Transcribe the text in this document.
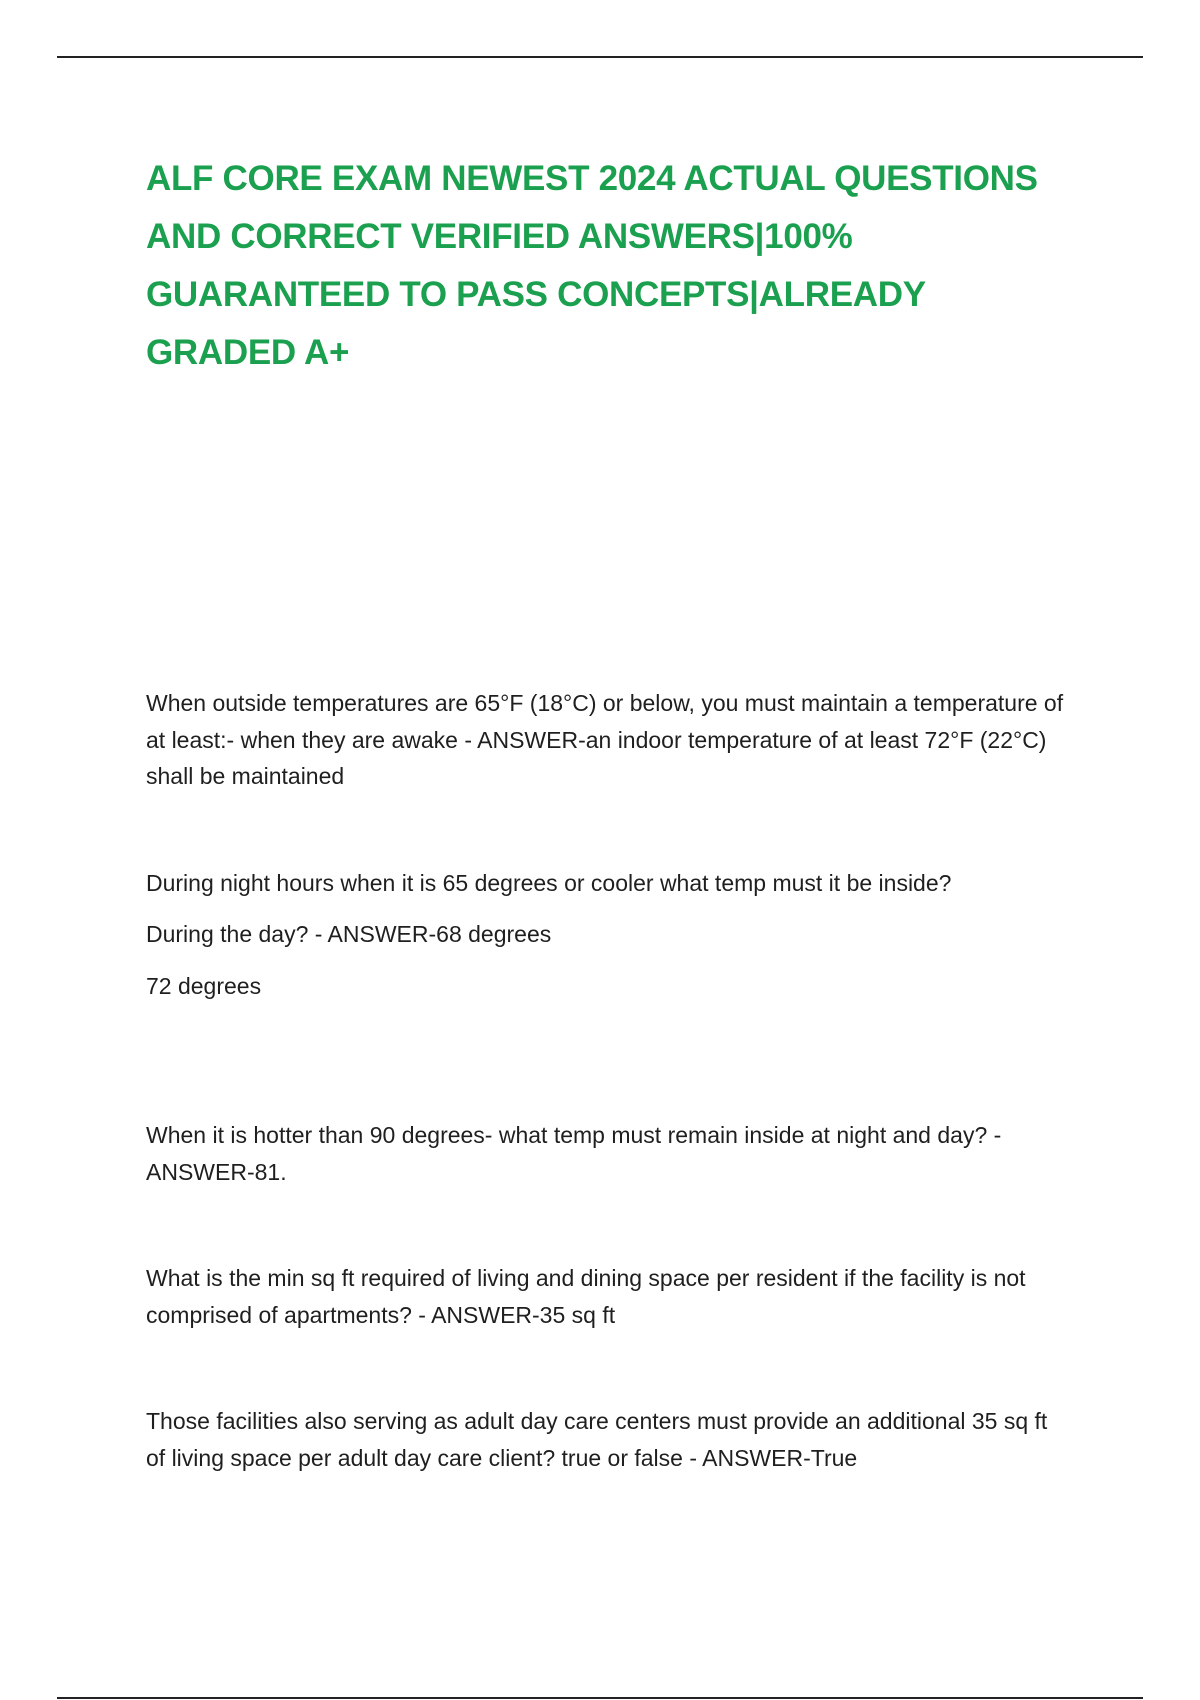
ALF CORE EXAM NEWEST 2024 ACTUAL QUESTIONS AND CORRECT VERIFIED ANSWERS|100% GUARANTEED TO PASS CONCEPTS|ALREADY GRADED A+

When outside temperatures are 65°F (18°C) or below, you must maintain a temperature of at least:- when they are awake - ANSWER-an indoor temperature of at least 72°F (22°C) shall be maintained

During night hours when it is 65 degrees or cooler what temp must it be inside?

During the day? - ANSWER-68 degrees

72 degrees

When it is hotter than 90 degrees- what temp must remain inside at night and day? - ANSWER-81.

What is the min sq ft required of living and dining space per resident if the facility is not comprised of apartments? - ANSWER-35 sq ft

Those facilities also serving as adult day care centers must provide an additional 35 sq ft of living space per adult day care client? true or false - ANSWER-True
